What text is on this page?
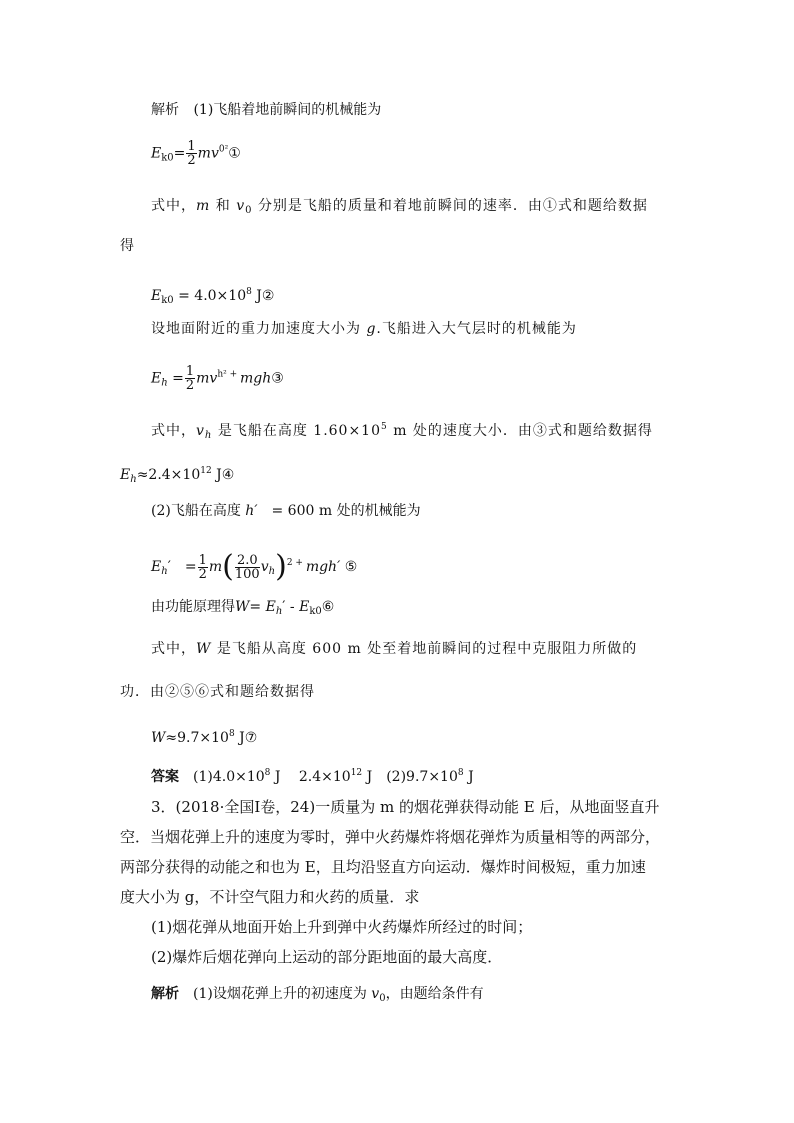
解析 (1)飞船着地前瞬间的机械能为
$E_{k0}= \frac{1}{2}$ $mv^{0^2}①$
式中，m 和 $v_0$ 分别是飞船的质量和着地前瞬间的速率．由①式和题给数据
得
$E_{k0} = 4.0\times 10^8$ J②
设地面附近的重力加速度大小为 g.飞船进入大气层时的机械能为
$E_h = \frac{1}{2} mv^{h^2 +}$ mgh③
式中，$v_h$ 是飞船在高度 $1.60\times 10^5$ m 处的速度大小．由③式和题给数据得
$E_h\approx 2.4\times 10^{12}$ J④
(2)飞船在高度 h′　 = 600 m 处的机械能为
$E_h'$　 = $\frac{1}{2} m( \frac{2.0}{100} v_h)^{2 +}$ mgh′ ⑤
由功能原理得$W= E_h'$ - $E_{k0}⑥$
式中，W 是飞船从高度 600 m 处至着地前瞬间的过程中克服阻力所做的
功．由②⑤⑥式和题给数据得
$W\approx 9.7\times 10^8$ J⑦
答案　 $(1)4.0\times 10^8$ J　 $2.4\times 10^{12}$ J　$(2)9.7\times 10^8$ J
3．(2018·全国Ⅰ卷，24)一质量为 m 的烟花弹获得动能 E 后，从地面竖直升
空．当烟花弹上升的速度为零时，弹中火药爆炸将烟花弹炸为质量相等的两部分，
两部分获得的动能之和也为 E，且均沿竖直方向运动．爆炸时间极短，重力加速
度大小为 g，不计空气阻力和火药的质量．求
(1)烟花弹从地面开始上升到弹中火药爆炸所经过的时间；
(2)爆炸后烟花弹向上运动的部分距地面的最大高度．
解析　 (1)设烟花弹上升的初速度为 $v_0$，由题给条件有
